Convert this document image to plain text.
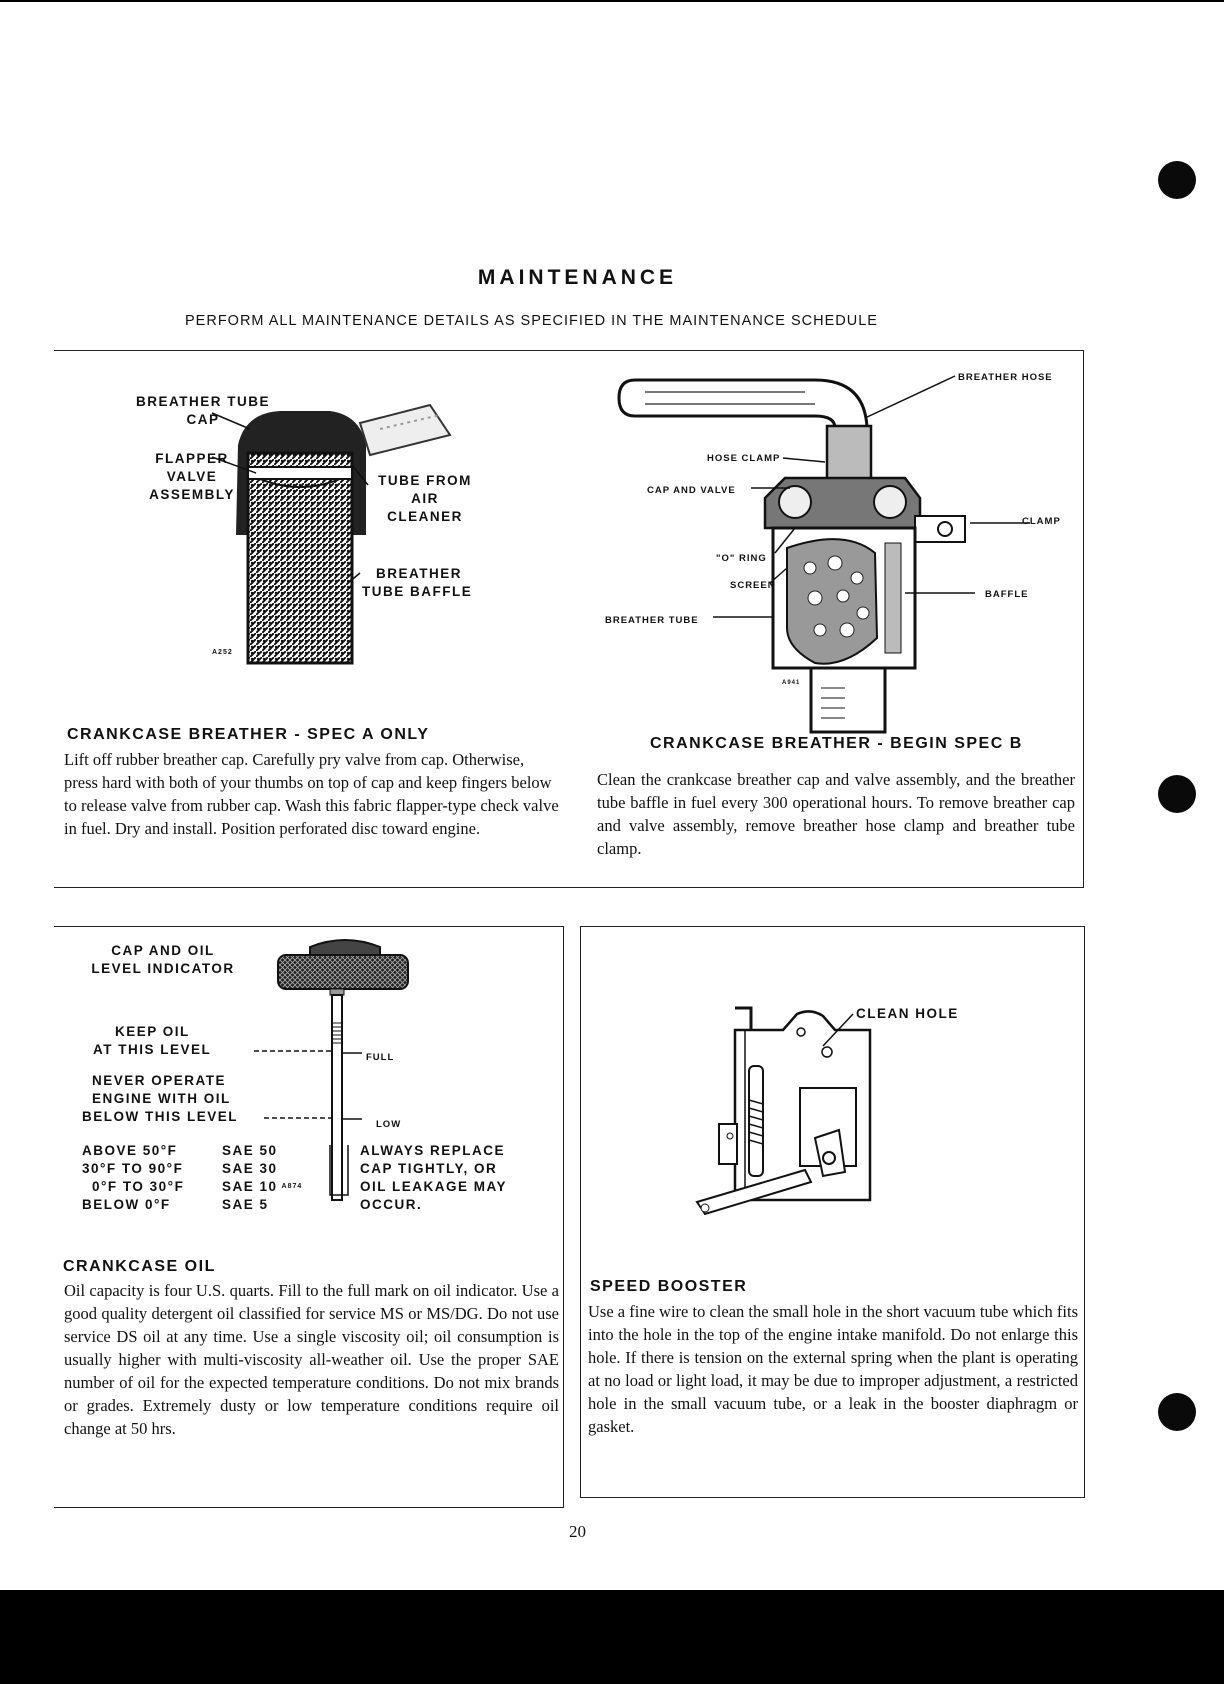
MAINTENANCE
PERFORM ALL MAINTENANCE DETAILS AS SPECIFIED IN THE MAINTENANCE SCHEDULE
BREATHER TUBE
CAP
FLAPPER
VALVE
ASSEMBLY
TUBE FROM
AIR
CLEANER
BREATHER
TUBE BAFFLE
A252
CRANKCASE BREATHER - SPEC A ONLY
Lift off rubber breather cap. Carefully pry valve from cap. Otherwise, press hard with both of your thumbs on top of cap and keep fingers below to release valve from rubber cap. Wash this fabric flapper-type check valve in fuel. Dry and install. Position perforated disc toward engine.
BREATHER HOSE
HOSE CLAMP
CAP AND VALVE
CLAMP
"O" RING
SCREEN
BAFFLE
BREATHER TUBE
A941
CRANKCASE BREATHER - BEGIN SPEC B
Clean the crankcase breather cap and valve assembly, and the breather tube baffle in fuel every 300 operational hours. To remove breather cap and valve assembly, remove breather hose clamp and breather tube clamp.
CAP AND OIL
LEVEL INDICATOR
KEEP OIL
AT THIS LEVEL
FULL
NEVER OPERATE
ENGINE WITH OIL
BELOW THIS LEVEL
LOW
ABOVE 50°F	SAE 50
30°F TO 90°F	SAE 30
0°F TO 30°F	SAE 10 A874
BELOW 0°F	SAE 5
ALWAYS REPLACE
CAP TIGHTLY, OR
OIL LEAKAGE MAY
OCCUR.
CRANKCASE OIL
Oil capacity is four U.S. quarts. Fill to the full mark on oil indicator. Use a good quality detergent oil classified for service MS or MS/DG. Do not use service DS oil at any time. Use a single viscosity oil; oil consumption is usually higher with multi-viscosity all-weather oil. Use the proper SAE number of oil for the expected temperature conditions. Do not mix brands or grades. Extremely dusty or low temperature conditions require oil change at 50 hrs.
CLEAN HOLE
SPEED BOOSTER
Use a fine wire to clean the small hole in the short vacuum tube which fits into the hole in the top of the engine intake manifold. Do not enlarge this hole. If there is tension on the external spring when the plant is operating at no load or light load, it may be due to improper adjustment, a restricted hole in the small vacuum tube, or a leak in the booster diaphragm or gasket.
20
